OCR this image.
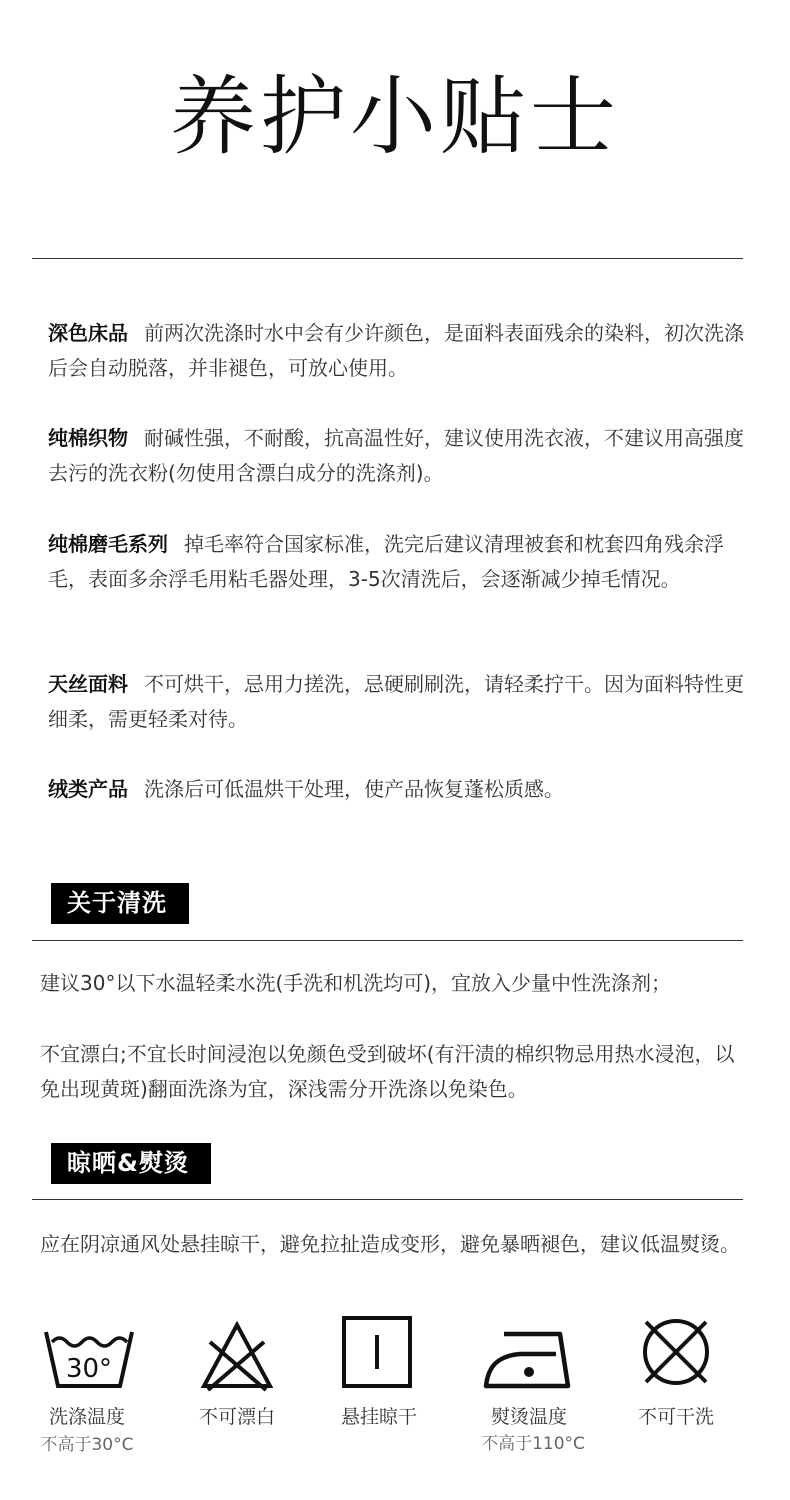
养护小贴士
深色床品 前两次洗涤时水中会有少许颜色，是面料表面残余的染料，初次洗涤后会自动脱落，并非褪色，可放心使用。
纯棉织物 耐碱性强，不耐酸，抗高温性好，建议使用洗衣液，不建议用高强度去污的洗衣粉(勿使用含漂白成分的洗涤剂)。
纯棉磨毛系列 掉毛率符合国家标准，洗完后建议清理被套和枕套四角残余浮毛，表面多余浮毛用粘毛器处理，3-5次清洗后，会逐渐减少掉毛情况。
天丝面料 不可烘干，忌用力搓洗，忌硬刷刷洗，请轻柔拧干。因为面料特性更细柔，需更轻柔对待。
绒类产品 洗涤后可低温烘干处理，使产品恢复蓬松质感。
关于清洗
建议30°以下水温轻柔水洗(手洗和机洗均可)，宜放入少量中性洗涤剂；
不宜漂白;不宜长时间浸泡以免颜色受到破坏(有汗渍的棉织物忌用热水浸泡，以免出现黄斑)翻面洗涤为宜，深浅需分开洗涤以免染色。
晾晒&熨烫
应在阴凉通风处悬挂晾干，避免拉扯造成变形，避免暴晒褪色，建议低温熨烫。
30°
洗涤温度
不高于30°C
不可漂白	悬挂晾干	熨烫温度
不高于110°C
不可干洗
